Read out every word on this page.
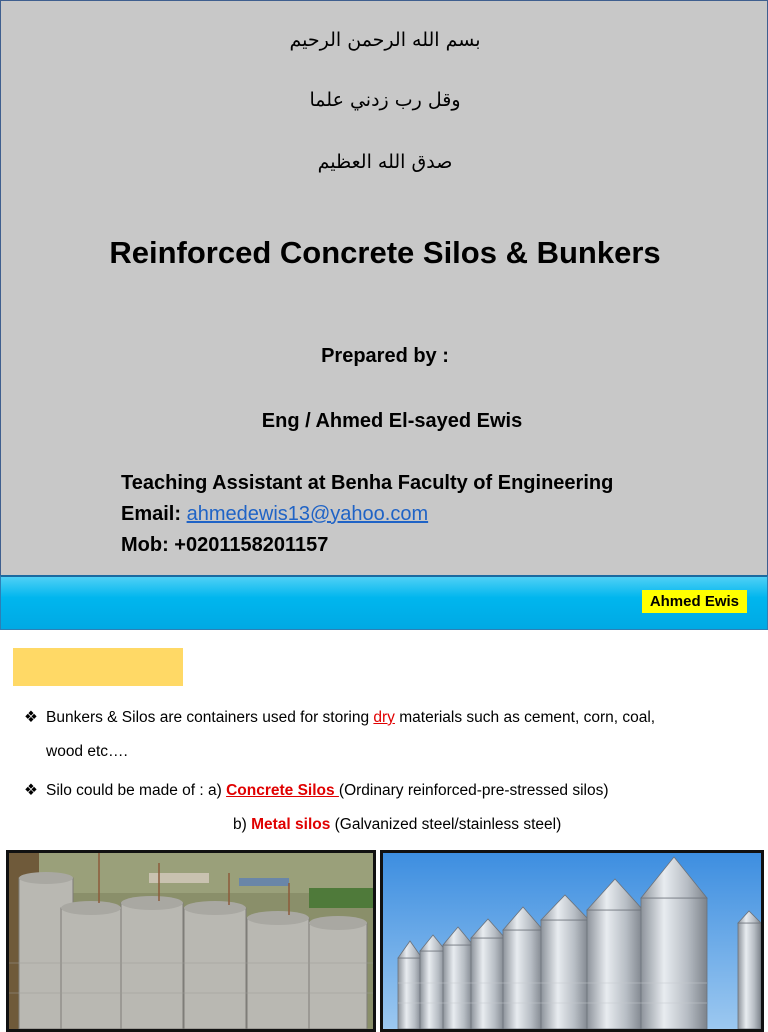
بسم الله الرحمن الرحيم
وقل رب زدني علما
صدق الله العظيم
Reinforced Concrete Silos & Bunkers
Prepared by :
Eng / Ahmed El-sayed Ewis
Teaching Assistant at Benha Faculty of Engineering
Email: ahmedewis13@yahoo.com
Mob: +0201158201157
Ahmed Ewis
❖ Bunkers & Silos are containers used for storing dry materials such as cement, corn, coal,
wood etc….
❖ Silo could be made of : a) Concrete Silos (Ordinary reinforced-pre-stressed silos)
b) Metal silos (Galvanized steel/stainless steel)
